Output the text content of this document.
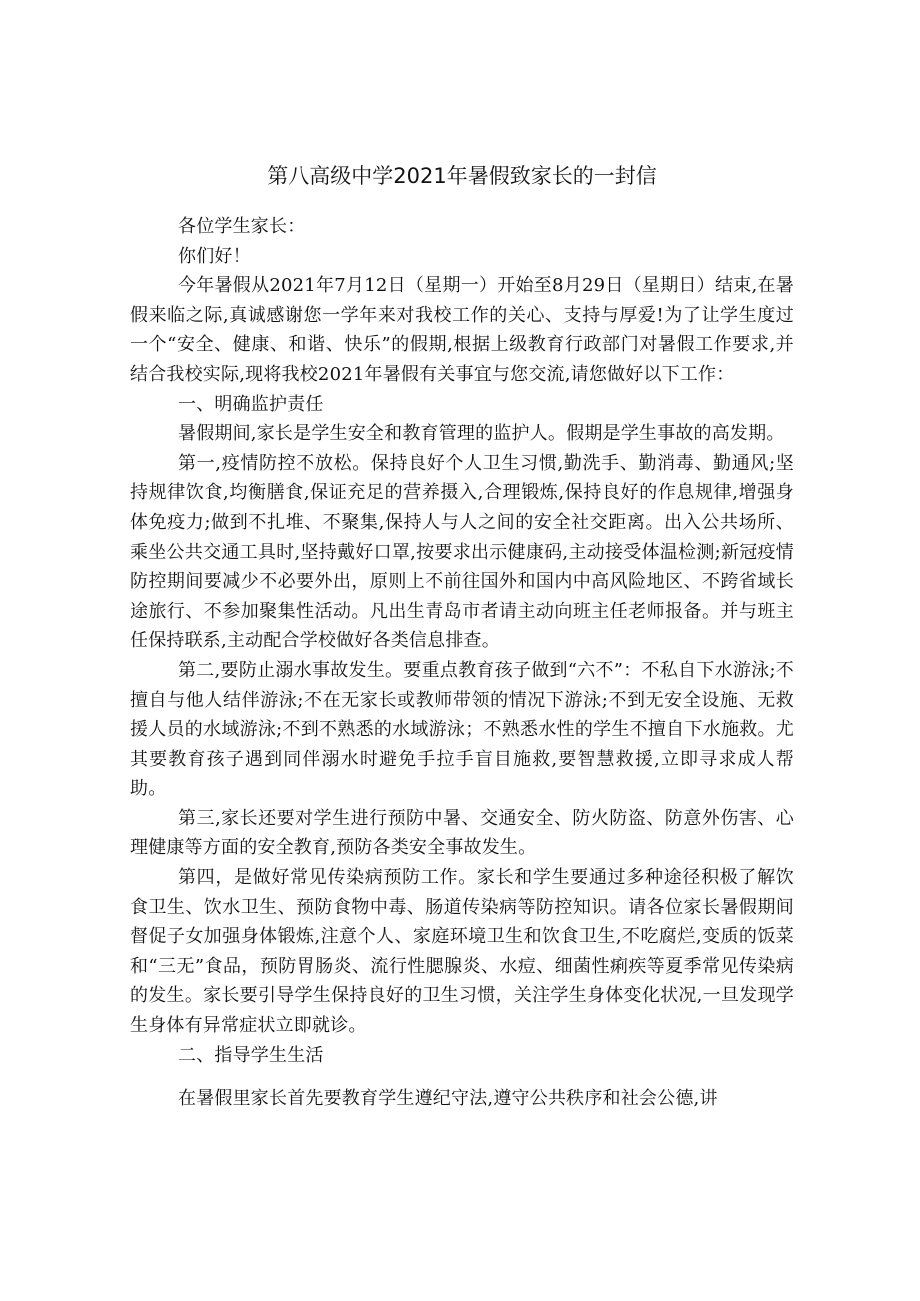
第八高级中学2021年暑假致家长的一封信

各位学生家长：

你们好！

今年暑假从2021年7月12日（星期一）开始至8月29日（星期日）结束,在暑假来临之际,真诚感谢您一学年来对我校工作的关心、支持与厚爱!为了让学生度过一个“安全、健康、和谐、快乐”的假期,根据上级教育行政部门对暑假工作要求,并结合我校实际,现将我校2021年暑假有关事宜与您交流,请您做好以下工作：

一、明确监护责任

暑假期间,家长是学生安全和教育管理的监护人。假期是学生事故的高发期。

第一,疫情防控不放松。保持良好个人卫生习惯,勤洗手、勤消毒、勤通风;坚持规律饮食,均衡膳食,保证充足的营养摄入,合理锻炼,保持良好的作息规律,增强身体免疫力;做到不扎堆、不聚集,保持人与人之间的安全社交距离。出入公共场所、乘坐公共交通工具时,坚持戴好口罩,按要求出示健康码,主动接受体温检测;新冠疫情防控期间要减少不必要外出，原则上不前往国外和国内中高风险地区、不跨省域长途旅行、不参加聚集性活动。凡出生青岛市者请主动向班主任老师报备。并与班主任保持联系,主动配合学校做好各类信息排查。

第二,要防止溺水事故发生。要重点教育孩子做到“六不”：不私自下水游泳;不擅自与他人结伴游泳;不在无家长或教师带领的情况下游泳;不到无安全设施、无救援人员的水域游泳;不到不熟悉的水域游泳；不熟悉水性的学生不擅自下水施救。尤其要教育孩子遇到同伴溺水时避免手拉手盲目施救,要智慧救援,立即寻求成人帮助。

第三,家长还要对学生进行预防中暑、交通安全、防火防盗、防意外伤害、心理健康等方面的安全教育,预防各类安全事故发生。

第四，是做好常见传染病预防工作。家长和学生要通过多种途径积极了解饮食卫生、饮水卫生、预防食物中毒、肠道传染病等防控知识。请各位家长暑假期间督促子女加强身体锻炼,注意个人、家庭环境卫生和饮食卫生,不吃腐烂,变质的饭菜和“三无”食品，预防胃肠炎、流行性腮腺炎、水痘、细菌性痢疾等夏季常见传染病的发生。家长要引导学生保持良好的卫生习惯，关注学生身体变化状况,一旦发现学生身体有异常症状立即就诊。

二、指导学生生活

在暑假里家长首先要教育学生遵纪守法,遵守公共秩序和社会公德,讲
